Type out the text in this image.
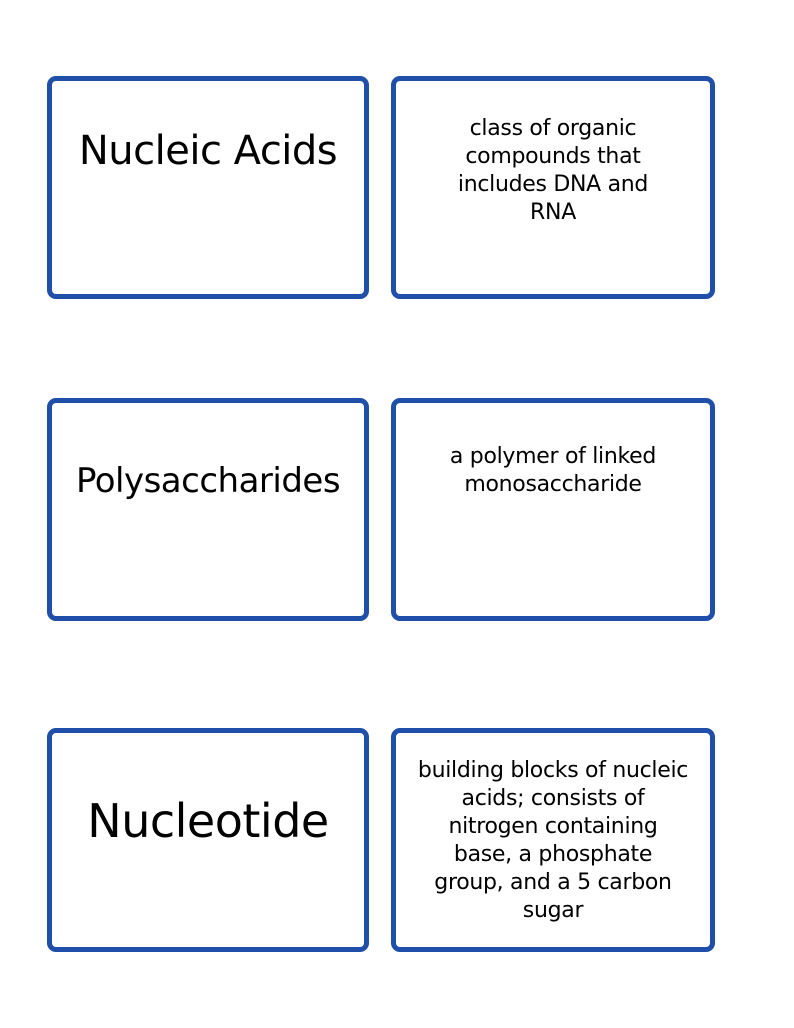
Nucleic Acids	class of organic
compounds that
includes DNA and
RNA
Polysaccharides
a polymer of linked
monosaccharide
Nucleotide
building blocks of nucleic
acids; consists of
nitrogen containing
base, a phosphate
group, and a 5 carbon
sugar
